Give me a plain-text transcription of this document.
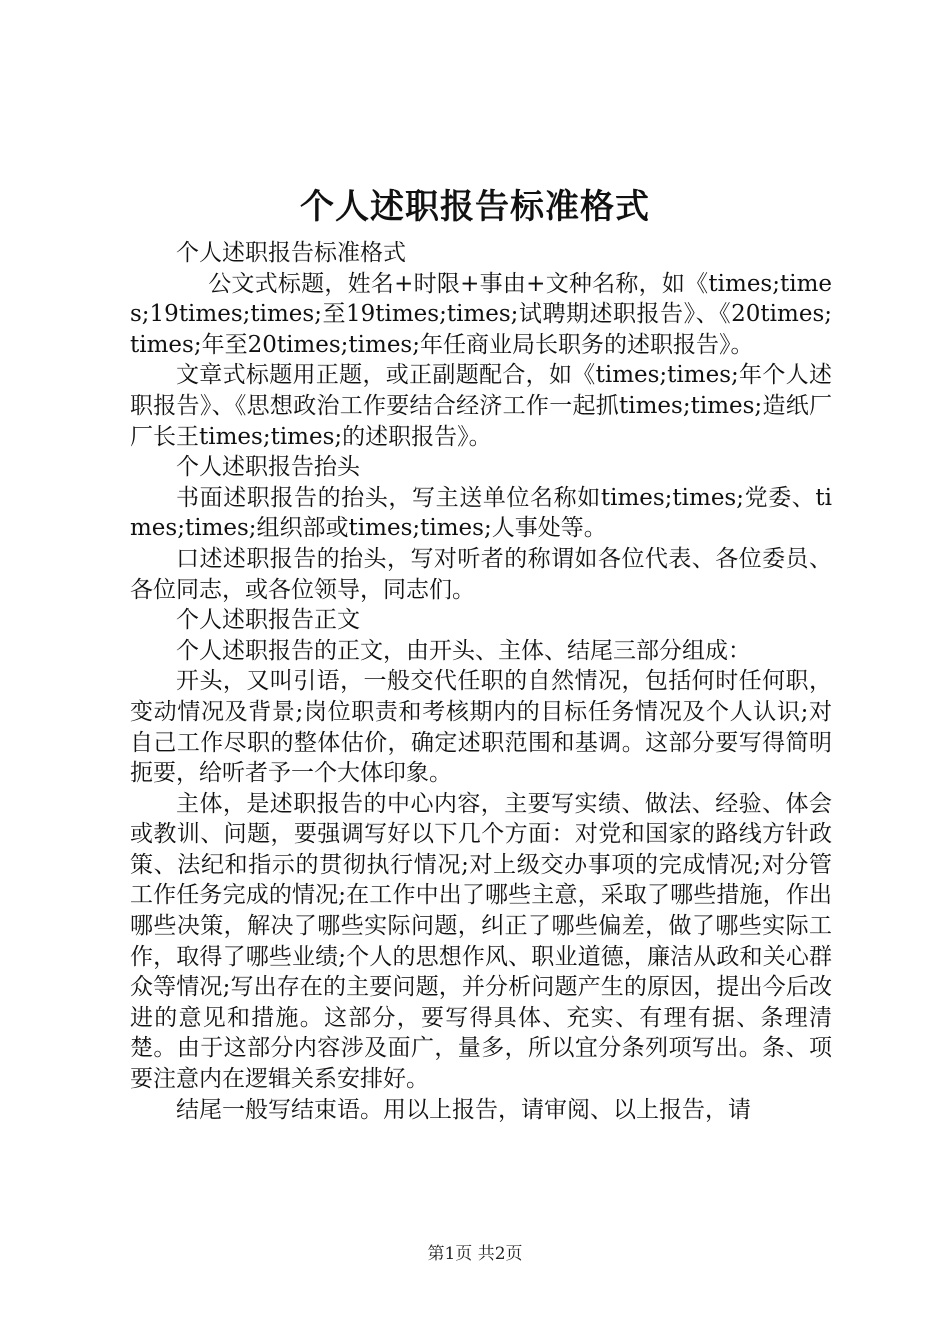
个人述职报告标准格式

个人述职报告标准格式

公文式标题，姓名+时限+事由+文种名称，如《times;times;19times;times;至19times;times;试聘期述职报告》、《20times;times;年至20times;times;年任商业局长职务的述职报告》。

文章式标题用正题，或正副题配合，如《times;times;年个人述职报告》、《思想政治工作要结合经济工作一起抓times;times;造纸厂厂长王times;times;的述职报告》。

个人述职报告抬头

书面述职报告的抬头，写主送单位名称如times;times;党委、times;times;组织部或times;times;人事处等。

口述述职报告的抬头，写对听者的称谓如各位代表、各位委员、各位同志，或各位领导，同志们。

个人述职报告正文

个人述职报告的正文，由开头、主体、结尾三部分组成：

开头，又叫引语，一般交代任职的自然情况，包括何时任何职，变动情况及背景;岗位职责和考核期内的目标任务情况及个人认识;对自己工作尽职的整体估价，确定述职范围和基调。这部分要写得简明扼要，给听者予一个大体印象。

主体，是述职报告的中心内容，主要写实绩、做法、经验、体会或教训、问题，要强调写好以下几个方面：对党和国家的路线方针政策、法纪和指示的贯彻执行情况;对上级交办事项的完成情况;对分管工作任务完成的情况;在工作中出了哪些主意，采取了哪些措施，作出哪些决策，解决了哪些实际问题，纠正了哪些偏差，做了哪些实际工作，取得了哪些业绩;个人的思想作风、职业道德，廉洁从政和关心群众等情况;写出存在的主要问题，并分析问题产生的原因，提出今后改进的意见和措施。这部分，要写得具体、充实、有理有据、条理清楚。由于这部分内容涉及面广，量多，所以宜分条列项写出。条、项要注意内在逻辑关系安排好。

结尾一般写结束语。用以上报告，请审阅、以上报告，请

第1页 共2页
